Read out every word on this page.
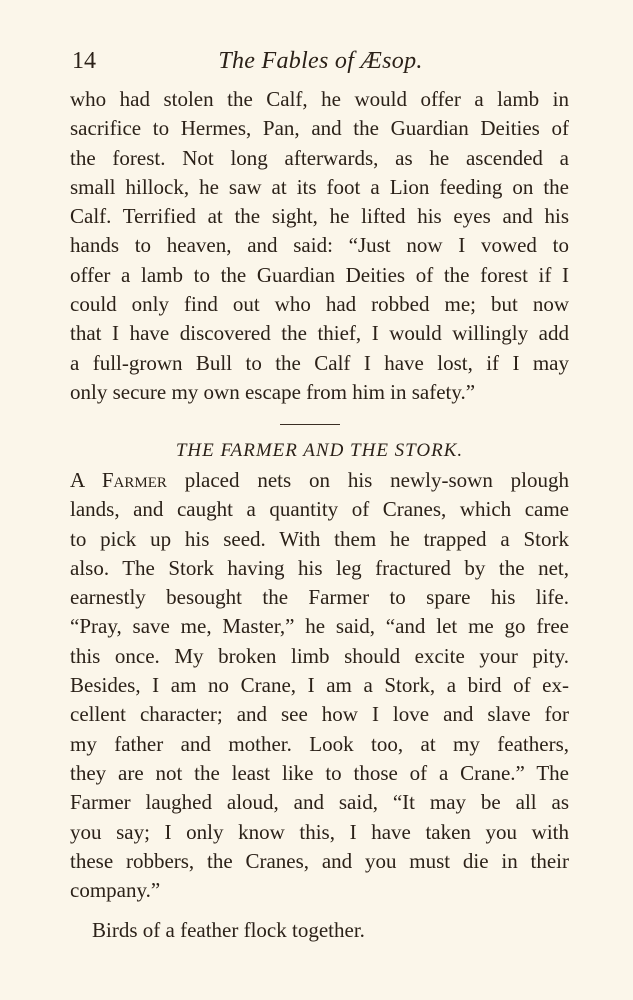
14	The Fables of Æsop.
who had stolen the Calf, he would offer a lamb in
sacrifice to Hermes, Pan, and the Guardian Deities of
the forest. Not long afterwards, as he ascended a
small hillock, he saw at its foot a Lion feeding on the
Calf. Terrified at the sight, he lifted his eyes and his
hands to heaven, and said: “Just now I vowed to
offer a lamb to the Guardian Deities of the forest if I
could only find out who had robbed me; but now
that I have discovered the thief, I would willingly add
a full-grown Bull to the Calf I have lost, if I may
only secure my own escape from him in safety.”
THE FARMER AND THE STORK.
A Farmer placed nets on his newly-sown plough
lands, and caught a quantity of Cranes, which came
to pick up his seed. With them he trapped a Stork
also. The Stork having his leg fractured by the net,
earnestly besought the Farmer to spare his life.
“Pray, save me, Master,” he said, “and let me go free
this once. My broken limb should excite your pity.
Besides, I am no Crane, I am a Stork, a bird of ex-
cellent character; and see how I love and slave for
my father and mother. Look too, at my feathers,
they are not the least like to those of a Crane.” The
Farmer laughed aloud, and said, “It may be all as
you say; I only know this, I have taken you with
these robbers, the Cranes, and you must die in their
company.”
Birds of a feather flock together.
